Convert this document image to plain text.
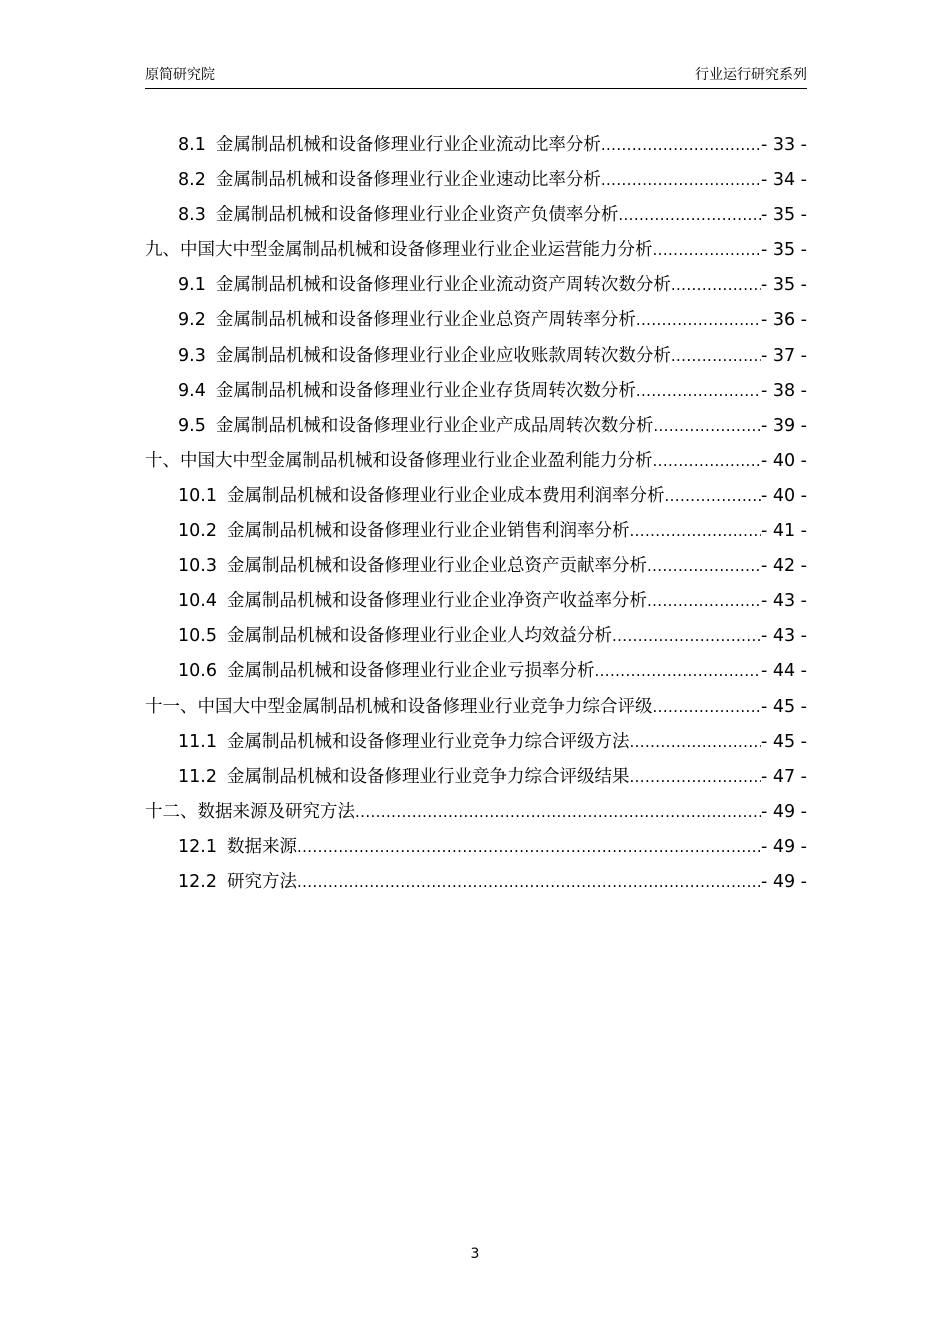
原简研究院	行业运行研究系列
8.1 金属制品机械和设备修理业行业企业流动比率分析 .....	- 33 -
8.2 金属制品机械和设备修理业行业企业速动比率分析 .....	- 34 -
8.3 金属制品机械和设备修理业行业企业资产负债率分析 .....	- 35 -
九、中国大中型金属制品机械和设备修理业行业企业运营能力分析 .....	- 35 -
9.1 金属制品机械和设备修理业行业企业流动资产周转次数分析 .....	- 35 -
9.2 金属制品机械和设备修理业行业企业总资产周转率分析 .....	- 36 -
9.3 金属制品机械和设备修理业行业企业应收账款周转次数分析 .....	- 37 -
9.4 金属制品机械和设备修理业行业企业存货周转次数分析 .....	- 38 -
9.5 金属制品机械和设备修理业行业企业产成品周转次数分析 .....	- 39 -
十、中国大中型金属制品机械和设备修理业行业企业盈利能力分析 .....	- 40 -
10.1 金属制品机械和设备修理业行业企业成本费用利润率分析 .....	- 40 -
10.2 金属制品机械和设备修理业行业企业销售利润率分析 .....	- 41 -
10.3 金属制品机械和设备修理业行业企业总资产贡献率分析 .....	- 42 -
10.4 金属制品机械和设备修理业行业企业净资产收益率分析 .....	- 43 -
10.5 金属制品机械和设备修理业行业企业人均效益分析 .....	- 43 -
10.6 金属制品机械和设备修理业行业企业亏损率分析 .....	- 44 -
十一、中国大中型金属制品机械和设备修理业行业竞争力综合评级 .....	- 45 -
11.1 金属制品机械和设备修理业行业竞争力综合评级方法 .....	- 45 -
11.2 金属制品机械和设备修理业行业竞争力综合评级结果 .....	- 47 -
十二、数据来源及研究方法 .....	- 49 -
12.1 数据来源 .....	- 49 -
12.2 研究方法 .....	- 49 -
3
